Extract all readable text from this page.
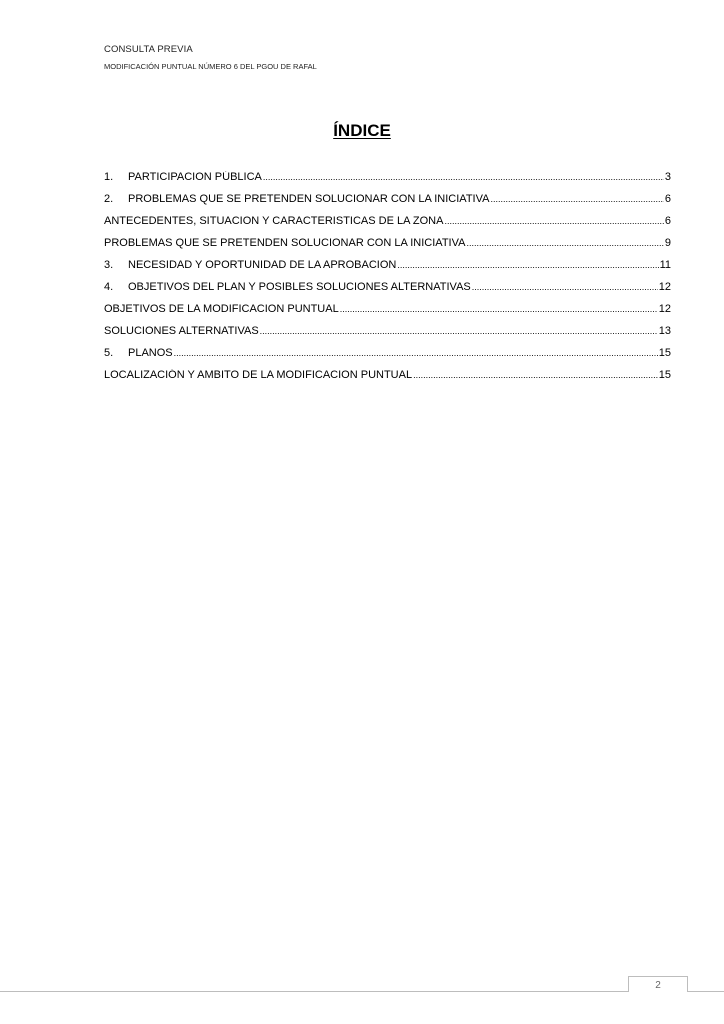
CONSULTA PREVIA
MODIFICACIÓN PUNTUAL NÚMERO 6 DEL PGOU DE RAFAL
ÍNDICE
1.	PARTICIPACION PÚBLICA .....	3
2.	PROBLEMAS QUE SE PRETENDEN SOLUCIONAR CON LA INICIATIVA .....	6
ANTECEDENTES, SITUACION Y CARACTERISTICAS DE LA ZONA .....	6
PROBLEMAS QUE SE PRETENDEN SOLUCIONAR CON LA INICIATIVA .....	9
3.	NECESIDAD Y OPORTUNIDAD DE LA APROBACION .....	11
4.	OBJETIVOS DEL PLAN Y POSIBLES SOLUCIONES ALTERNATIVAS .....	12
OBJETIVOS DE LA MODIFICACION PUNTUAL .....	12
SOLUCIONES ALTERNATIVAS .....	13
5.	PLANOS .....	15
LOCALIZACIÓN Y AMBITO DE LA MODIFICACION PUNTUAL .....	15
2
